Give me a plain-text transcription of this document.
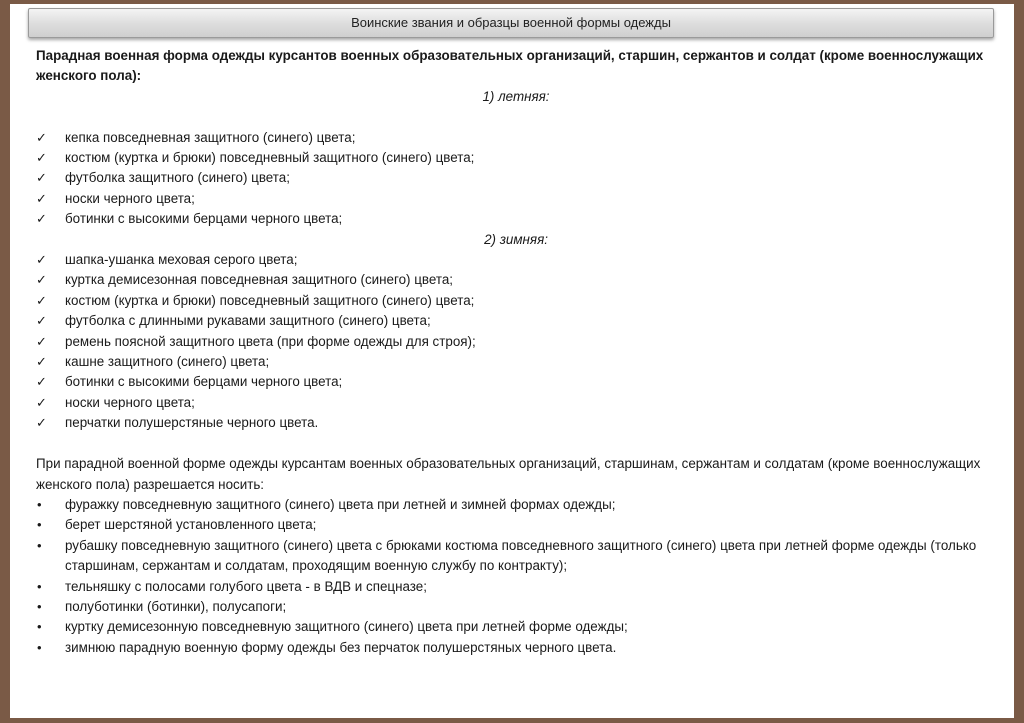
Воинские звания и образцы военной формы одежды

Парадная военная форма одежды курсантов военных образовательных организаций, старшин, сержантов и солдат (кроме военнослужащих женского пола):

1) летняя:

✓	кепка повседневная защитного (синего) цвета;
✓	костюм (куртка и брюки) повседневный защитного (синего) цвета;
✓	футболка защитного (синего) цвета;
✓	носки черного цвета;
✓	ботинки с высокими берцами черного цвета;

2) зимняя:

✓	шапка-ушанка меховая серого цвета;
✓	куртка демисезонная повседневная защитного (синего) цвета;
✓	костюм (куртка и брюки) повседневный защитного (синего) цвета;
✓	футболка с длинными рукавами защитного (синего) цвета;
✓	ремень поясной защитного цвета (при форме одежды для строя);
✓	кашне защитного (синего) цвета;
✓	ботинки с высокими берцами черного цвета;
✓	носки черного цвета;
✓	перчатки полушерстяные черного цвета.

При парадной военной форме одежды курсантам военных образовательных организаций, старшинам, сержантам и солдатам (кроме военнослужащих женского пола) разрешается носить:

•	фуражку повседневную защитного (синего) цвета при летней и зимней формах одежды;
•	берет шерстяной установленного цвета;
•	рубашку повседневную защитного (синего) цвета с брюками костюма повседневного защитного (синего) цвета при летней форме одежды (только старшинам, сержантам и солдатам, проходящим военную службу по контракту);
•	тельняшку с полосами голубого цвета - в ВДВ и спецназе;
•	полуботинки (ботинки), полусапоги;
•	куртку демисезонную повседневную защитного (синего) цвета при летней форме одежды;
•	зимнюю парадную военную форму одежды без перчаток полушерстяных черного цвета.
